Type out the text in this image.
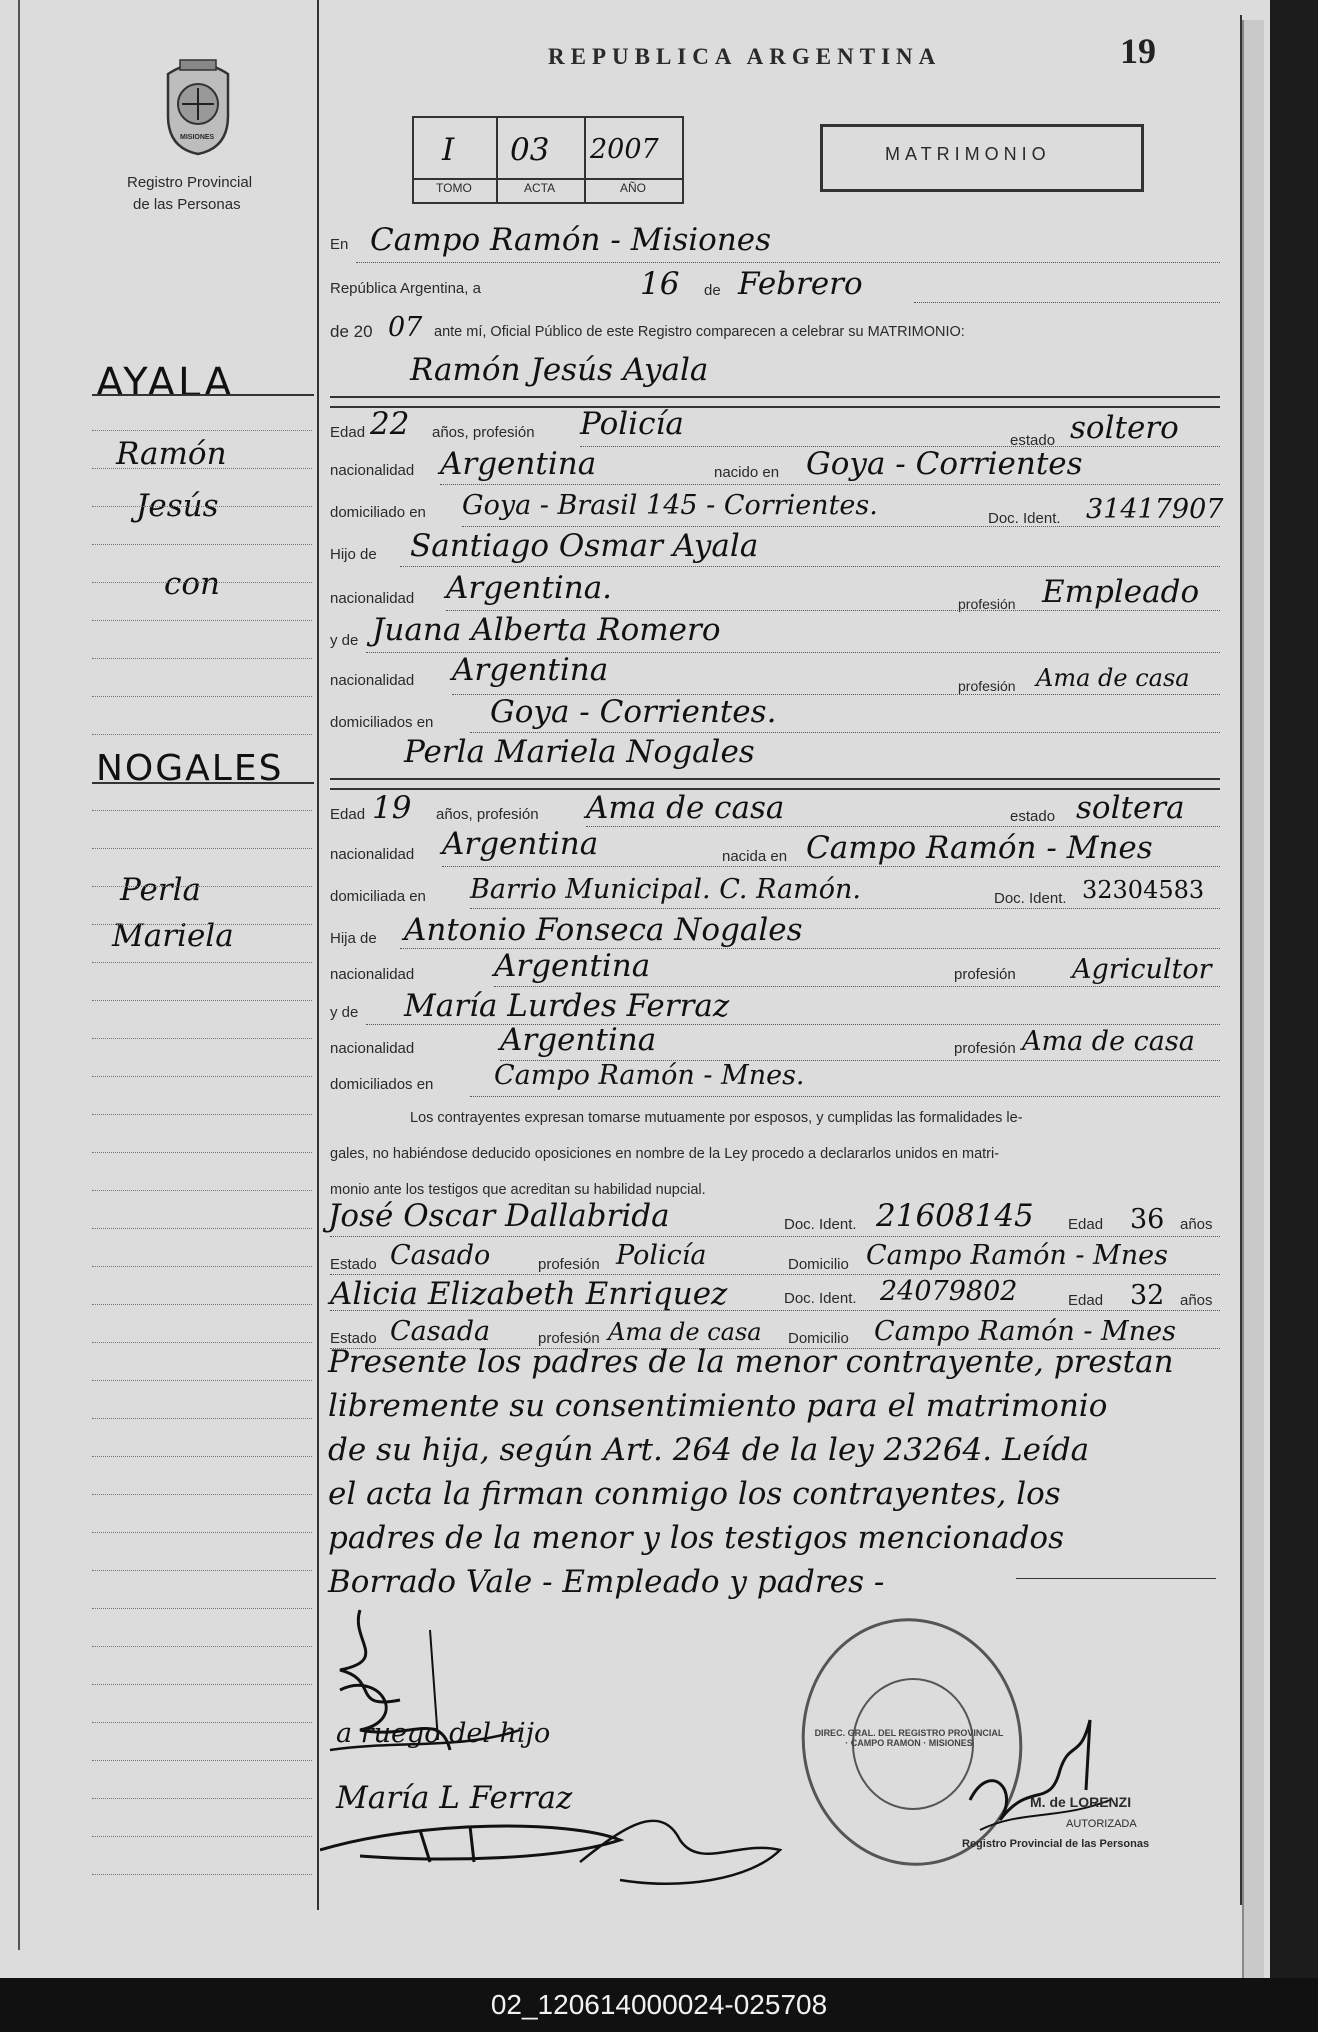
MISIONES
Registro Provincial
de las Personas
REPUBLICA ARGENTINA	19
I 03 2007
TOMO	ACTA	AÑO
MATRIMONIO
AYALA
Ramón
Jesús
con
NOGALES
Perla
Mariela
En Campo Ramón - Misiones
República Argentina, a	16 de Febrero
de 20 07 ante mí, Oficial Público de este Registro comparecen a celebrar su MATRIMONIO:
Ramón Jesús Ayala
Edad 22 años, profesión Policía	estado soltero
nacionalidad Argentina	nacido en Goya - Corrientes
domiciliado en Goya - Brasil 145 - Corrientes.	Doc. Ident. 31417907
Hijo de Santiago Osmar Ayala
nacionalidad Argentina.	profesión Empleado
y de Juana Alberta Romero
nacionalidad Argentina	profesión Ama de casa
domiciliados en Goya - Corrientes.
Perla Mariela Nogales
Edad 19 años, profesión Ama de casa	estado soltera
nacionalidad Argentina	nacida en Campo Ramón - Mnes
domiciliada en Barrio Municipal. C. Ramón.	Doc. Ident. 32304583
Hija de Antonio Fonseca Nogales
nacionalidad	Argentina	profesión Agricultor
y de María Lurdes Ferraz
nacionalidad	Argentina	profesión Ama de casa
domiciliados en Campo Ramón - Mnes.
Los contrayentes expresan tomarse mutuamente por esposos, y cumplidas las formalidades le-
gales, no habiéndose deducido oposiciones en nombre de la Ley procedo a declararlos unidos en matri-
monio ante los testigos que acreditan su habilidad nupcial.
José Oscar Dallabrida	Doc. Ident. 21608145 Edad 36 años
Estado Casado	profesión Policía	Domicilio Campo Ramón - Mnes
Alicia Elizabeth Enriquez	Doc. Ident. 24079802	Edad 32 años
Estado Casada	profesión Ama de casa Domicilio Campo Ramón - Mnes
Presente los padres de la menor contrayente, prestan
libremente su consentimiento para el matrimonio
de su hija, según Art. 264 de la ley 23264. Leída
el acta la firman conmigo los contrayentes, los
padres de la menor y los testigos mencionados
Borrado Vale - Empleado y padres -
a ruego del hijo
María L Ferraz
DIREC. GRAL. DEL REGISTRO PROVINCIAL · CAMPO RAMON · MISIONES
M. de LORENZI
AUTORIZADA
Registro Provincial de las Personas
02_120614000024-025708
